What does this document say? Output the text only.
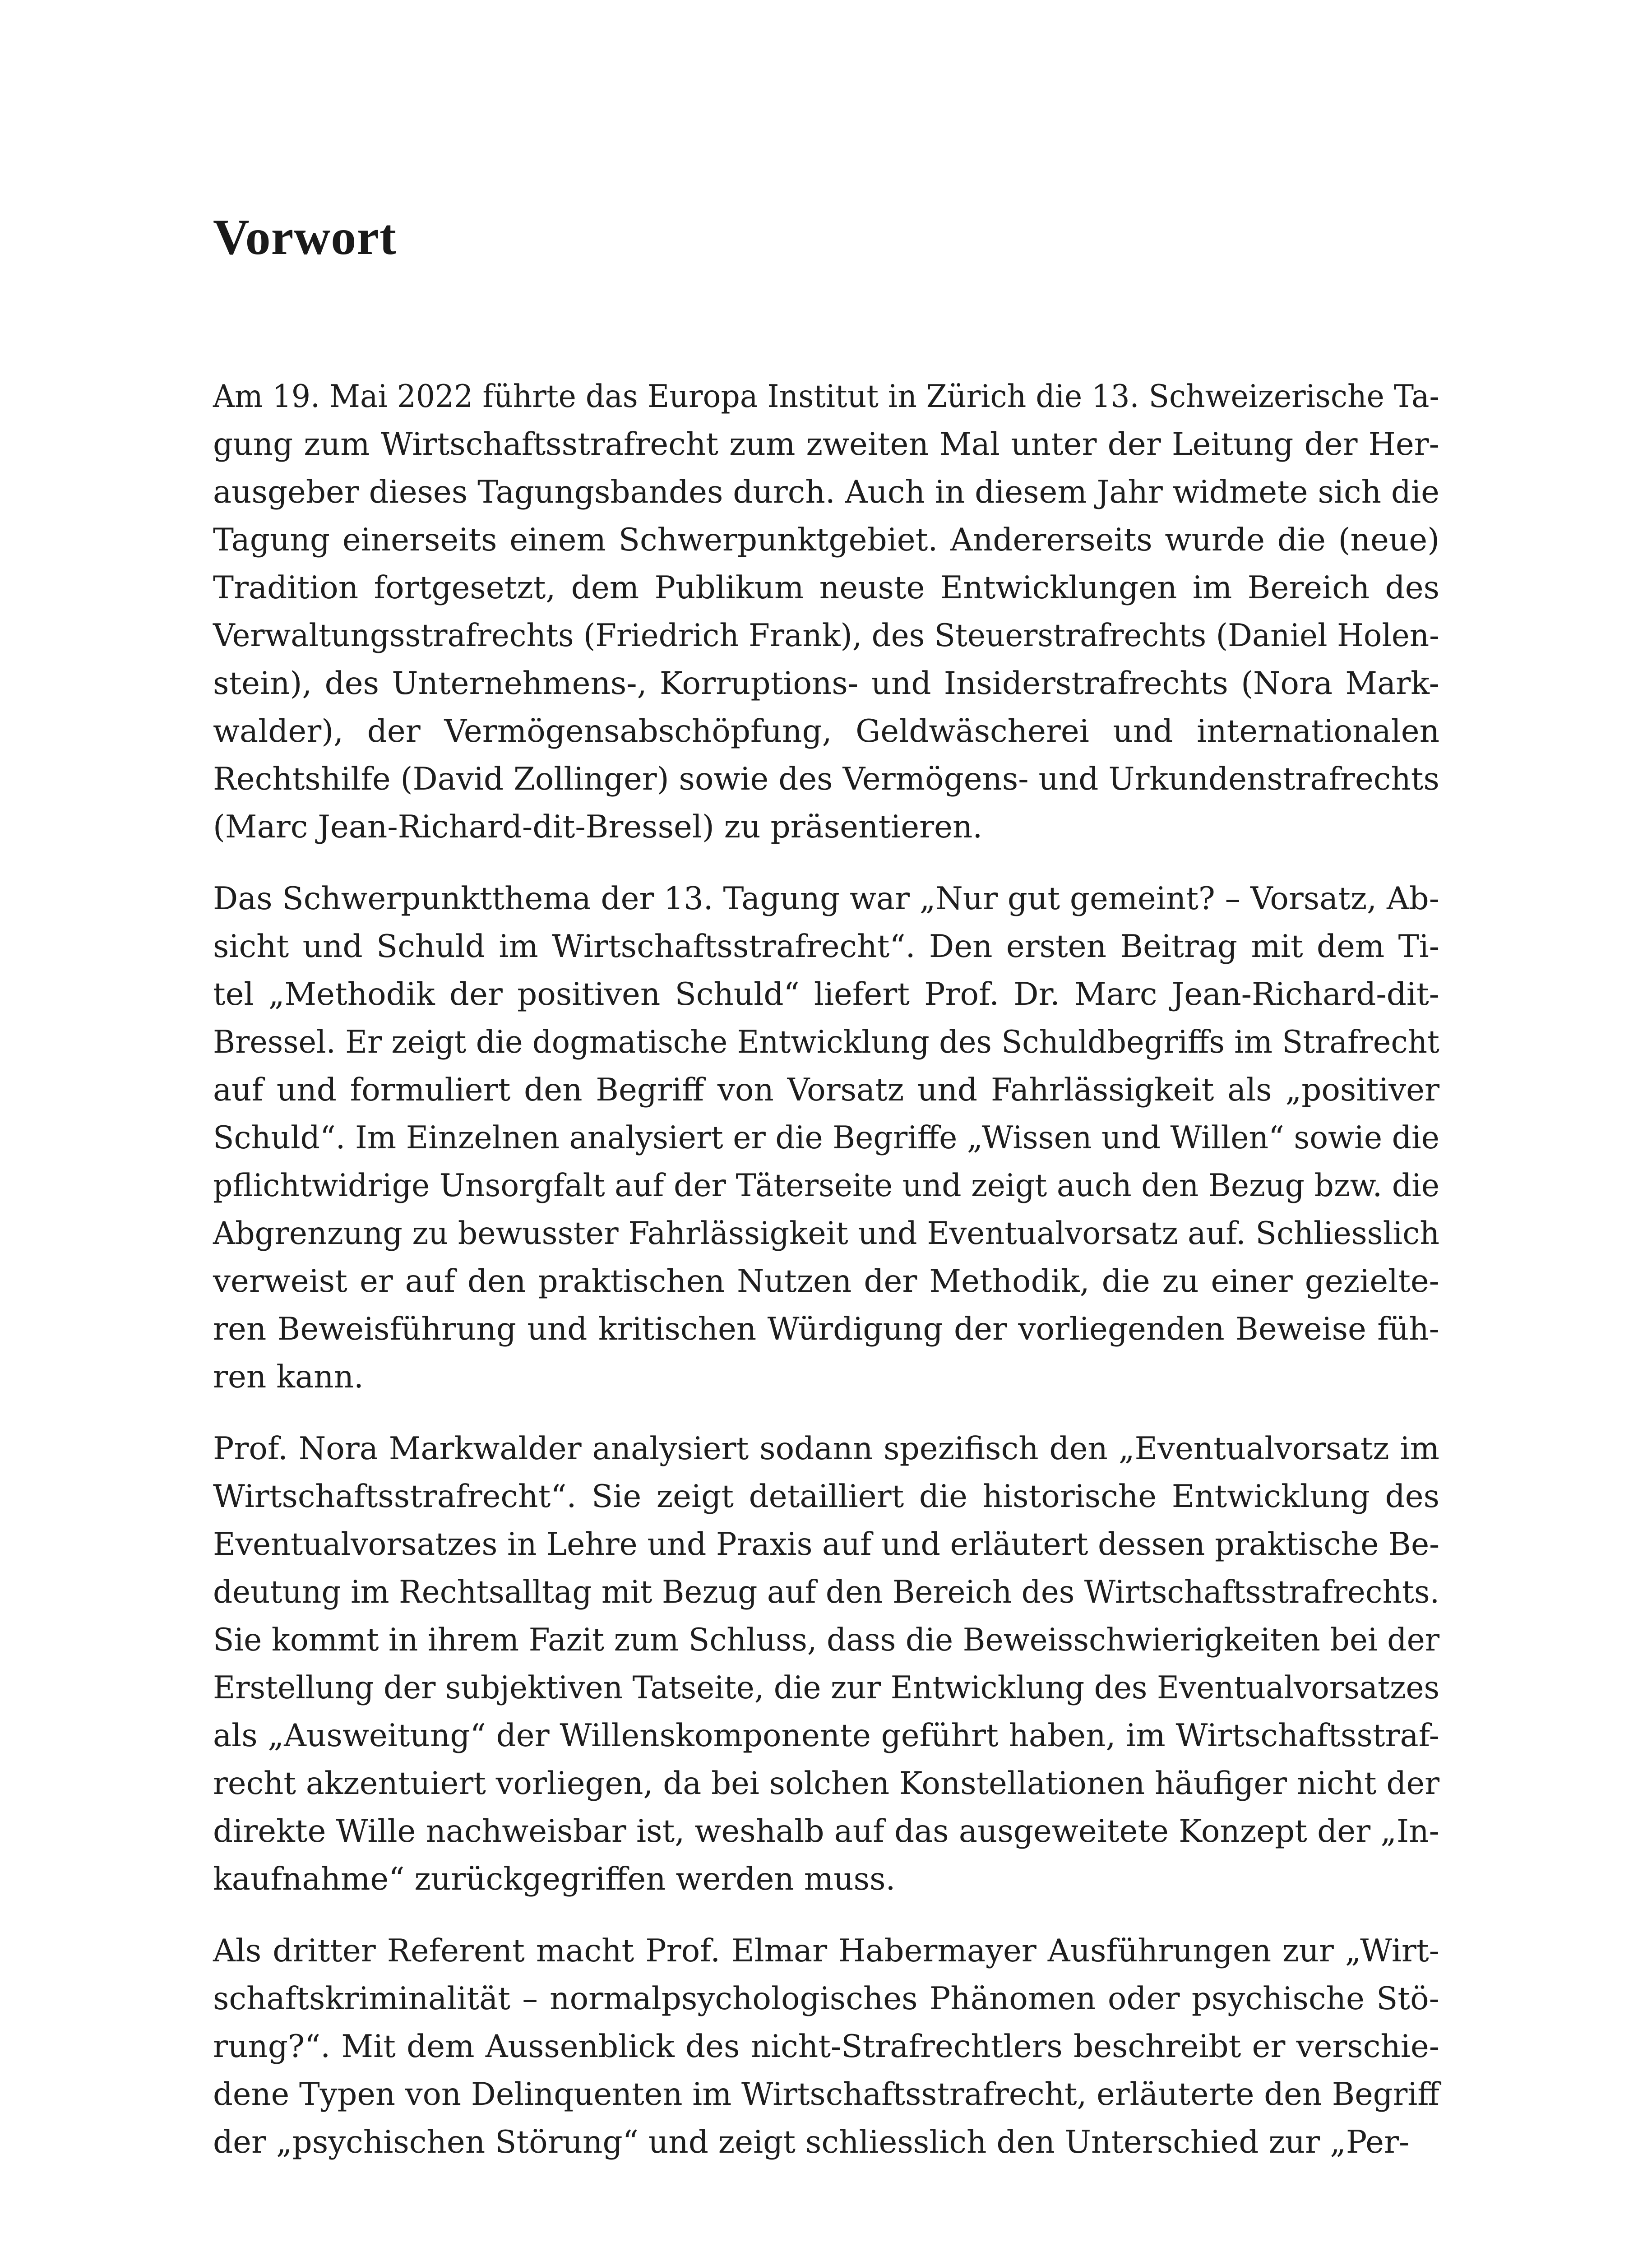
Vorwort

Am 19. Mai 2022 führte das Europa Institut in Zürich die 13. Schweizerische Ta-
gung zum Wirtschaftsstrafrecht zum zweiten Mal unter der Leitung der Her-
ausgeber dieses Tagungsbandes durch. Auch in diesem Jahr widmete sich die
Tagung einerseits einem Schwerpunktgebiet. Andererseits wurde die (neue)
Tradition fortgesetzt, dem Publikum neuste Entwicklungen im Bereich des
Verwaltungsstrafrechts (Friedrich Frank), des Steuerstrafrechts (Daniel Holen-
stein), des Unternehmens-, Korruptions- und Insiderstrafrechts (Nora Mark-
walder), der Vermögensabschöpfung, Geldwäscherei und internationalen
Rechtshilfe (David Zollinger) sowie des Vermögens- und Urkundenstrafrechts
(Marc Jean-Richard-dit-Bressel) zu präsentieren.

Das Schwerpunktthema der 13. Tagung war „Nur gut gemeint? – Vorsatz, Ab-
sicht und Schuld im Wirtschaftsstrafrecht“. Den ersten Beitrag mit dem Ti-
tel „Methodik der positiven Schuld“ liefert Prof. Dr. Marc Jean-Richard-dit-
Bressel. Er zeigt die dogmatische Entwicklung des Schuldbegriffs im Strafrecht
auf und formuliert den Begriff von Vorsatz und Fahrlässigkeit als „positiver
Schuld“. Im Einzelnen analysiert er die Begriffe „Wissen und Willen“ sowie die
pflichtwidrige Unsorgfalt auf der Täterseite und zeigt auch den Bezug bzw. die
Abgrenzung zu bewusster Fahrlässigkeit und Eventualvorsatz auf. Schliesslich
verweist er auf den praktischen Nutzen der Methodik, die zu einer gezielte-
ren Beweisführung und kritischen Würdigung der vorliegenden Beweise füh-
ren kann.

Prof. Nora Markwalder analysiert sodann spezifisch den „Eventualvorsatz im
Wirtschaftsstrafrecht“. Sie zeigt detailliert die historische Entwicklung des
Eventualvorsatzes in Lehre und Praxis auf und erläutert dessen praktische Be-
deutung im Rechtsalltag mit Bezug auf den Bereich des Wirtschaftsstrafrechts.
Sie kommt in ihrem Fazit zum Schluss, dass die Beweisschwierigkeiten bei der
Erstellung der subjektiven Tatseite, die zur Entwicklung des Eventualvorsatzes
als „Ausweitung“ der Willenskomponente geführt haben, im Wirtschaftsstraf-
recht akzentuiert vorliegen, da bei solchen Konstellationen häufiger nicht der
direkte Wille nachweisbar ist, weshalb auf das ausgeweitete Konzept der „In-
kaufnahme“ zurückgegriffen werden muss.

Als dritter Referent macht Prof. Elmar Habermayer Ausführungen zur „Wirt-
schaftskriminalität – normalpsychologisches Phänomen oder psychische Stö-
rung?“. Mit dem Aussenblick des nicht-Strafrechtlers beschreibt er verschie-
dene Typen von Delinquenten im Wirtschaftsstrafrecht, erläuterte den Begriff
der „psychischen Störung“ und zeigt schliesslich den Unterschied zur „Per-
